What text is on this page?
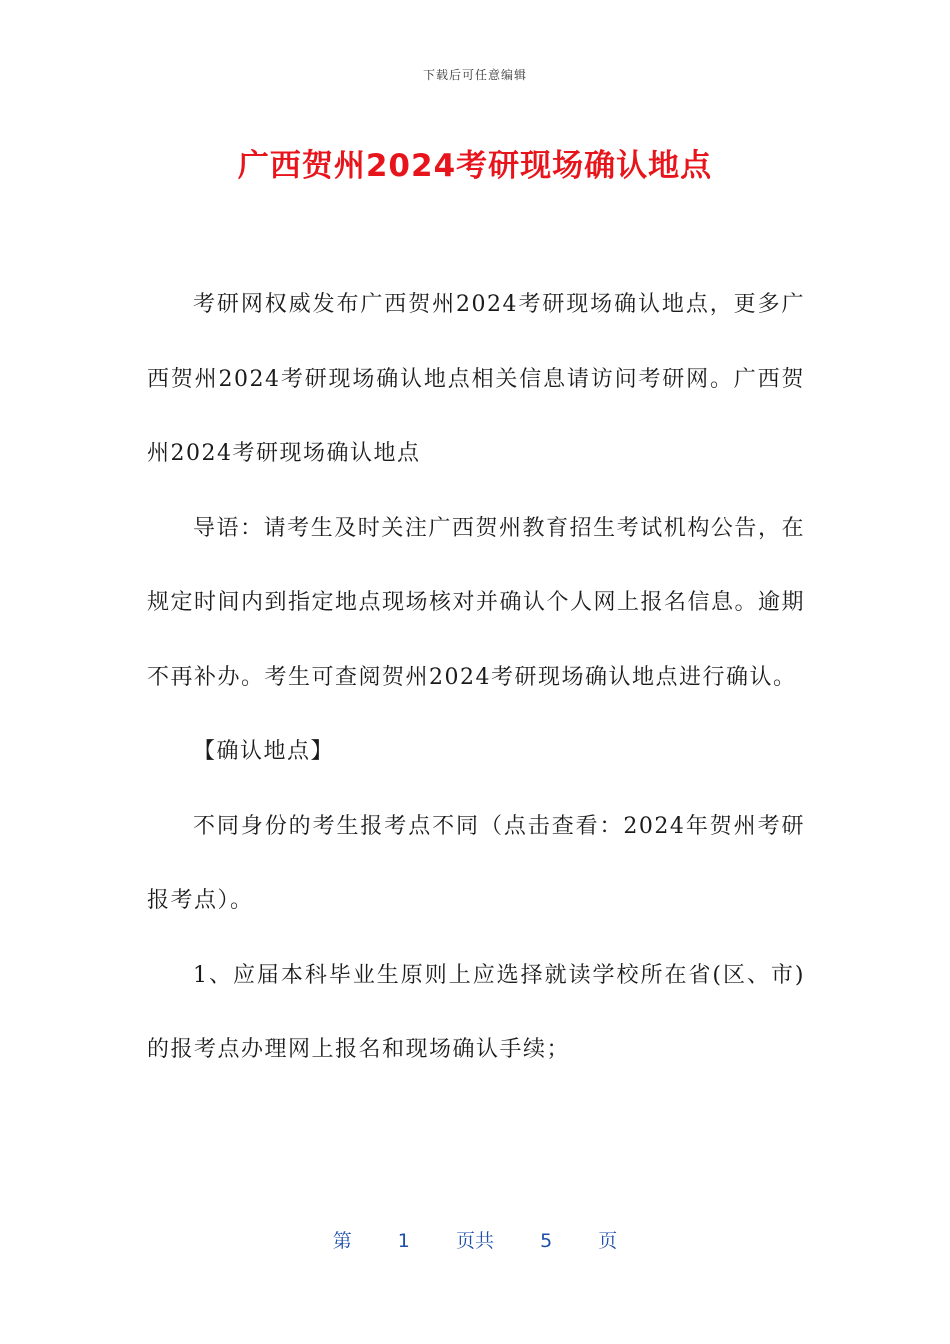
下载后可任意编辑
广西贺州2024考研现场确认地点

考研网权威发布广西贺州2024考研现场确认地点，更多广西贺州2024考研现场确认地点相关信息请访问考研网。广西贺州2024考研现场确认地点

导语：请考生及时关注广西贺州教育招生考试机构公告，在规定时间内到指定地点现场核对并确认个人网上报名信息。逾期不再补办。考生可查阅贺州2024考研现场确认地点进行确认。

【确认地点】

不同身份的考生报考点不同（点击查看：2024年贺州考研报考点）。

1、应届本科毕业生原则上应选择就读学校所在省(区、市)的报考点办理网上报名和现场确认手续；

第 1 页共 5 页
